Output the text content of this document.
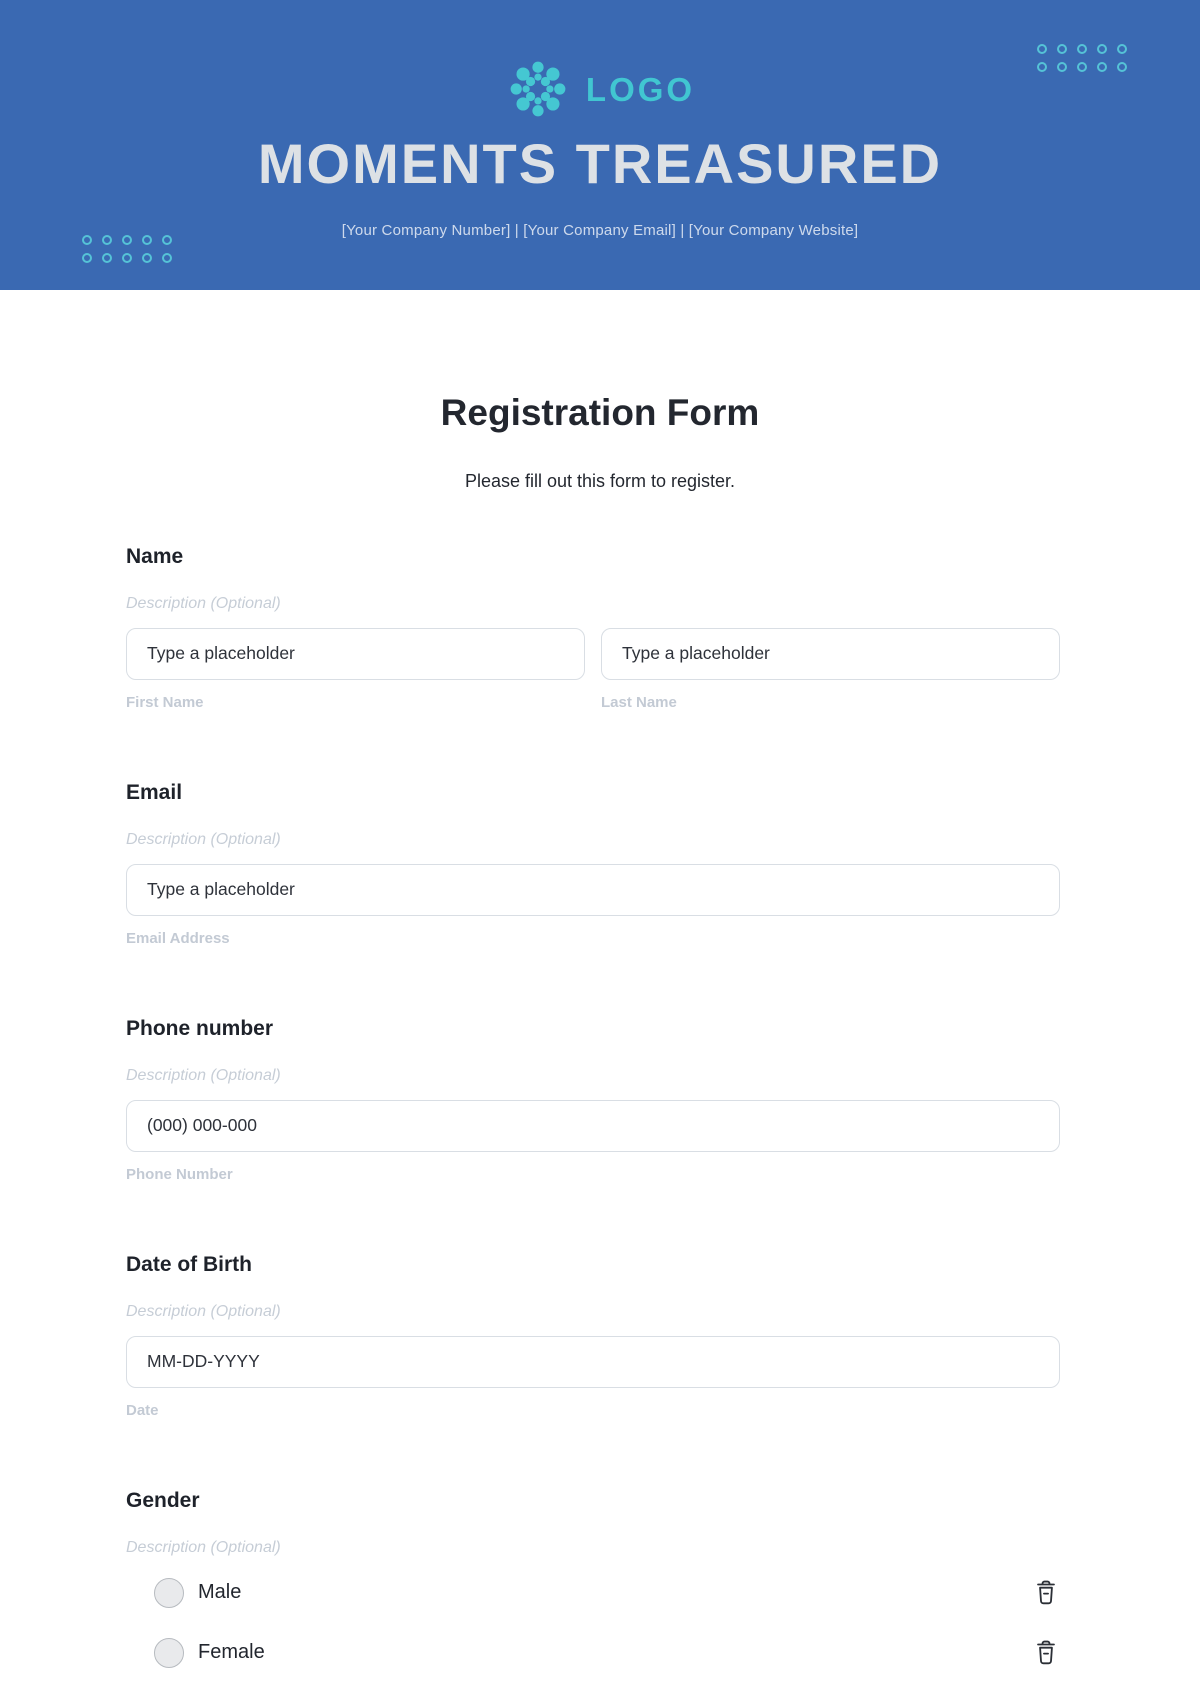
LOGO
MOMENTS TREASURED
[Your Company Number] | [Your Company Email] | [Your Company Website]
Registration Form
Please fill out this form to register.
Name
Description (Optional)
Type a placeholder
First Name
Type a placeholder	Last Name
Email
Description (Optional)
Type a placeholder
Email Address
Phone number
Description (Optional)
(000) 000-000
Phone Number
Date of Birth
Description (Optional)
MM-DD-YYYY
Date
Gender
Description (Optional)
Male
Female
